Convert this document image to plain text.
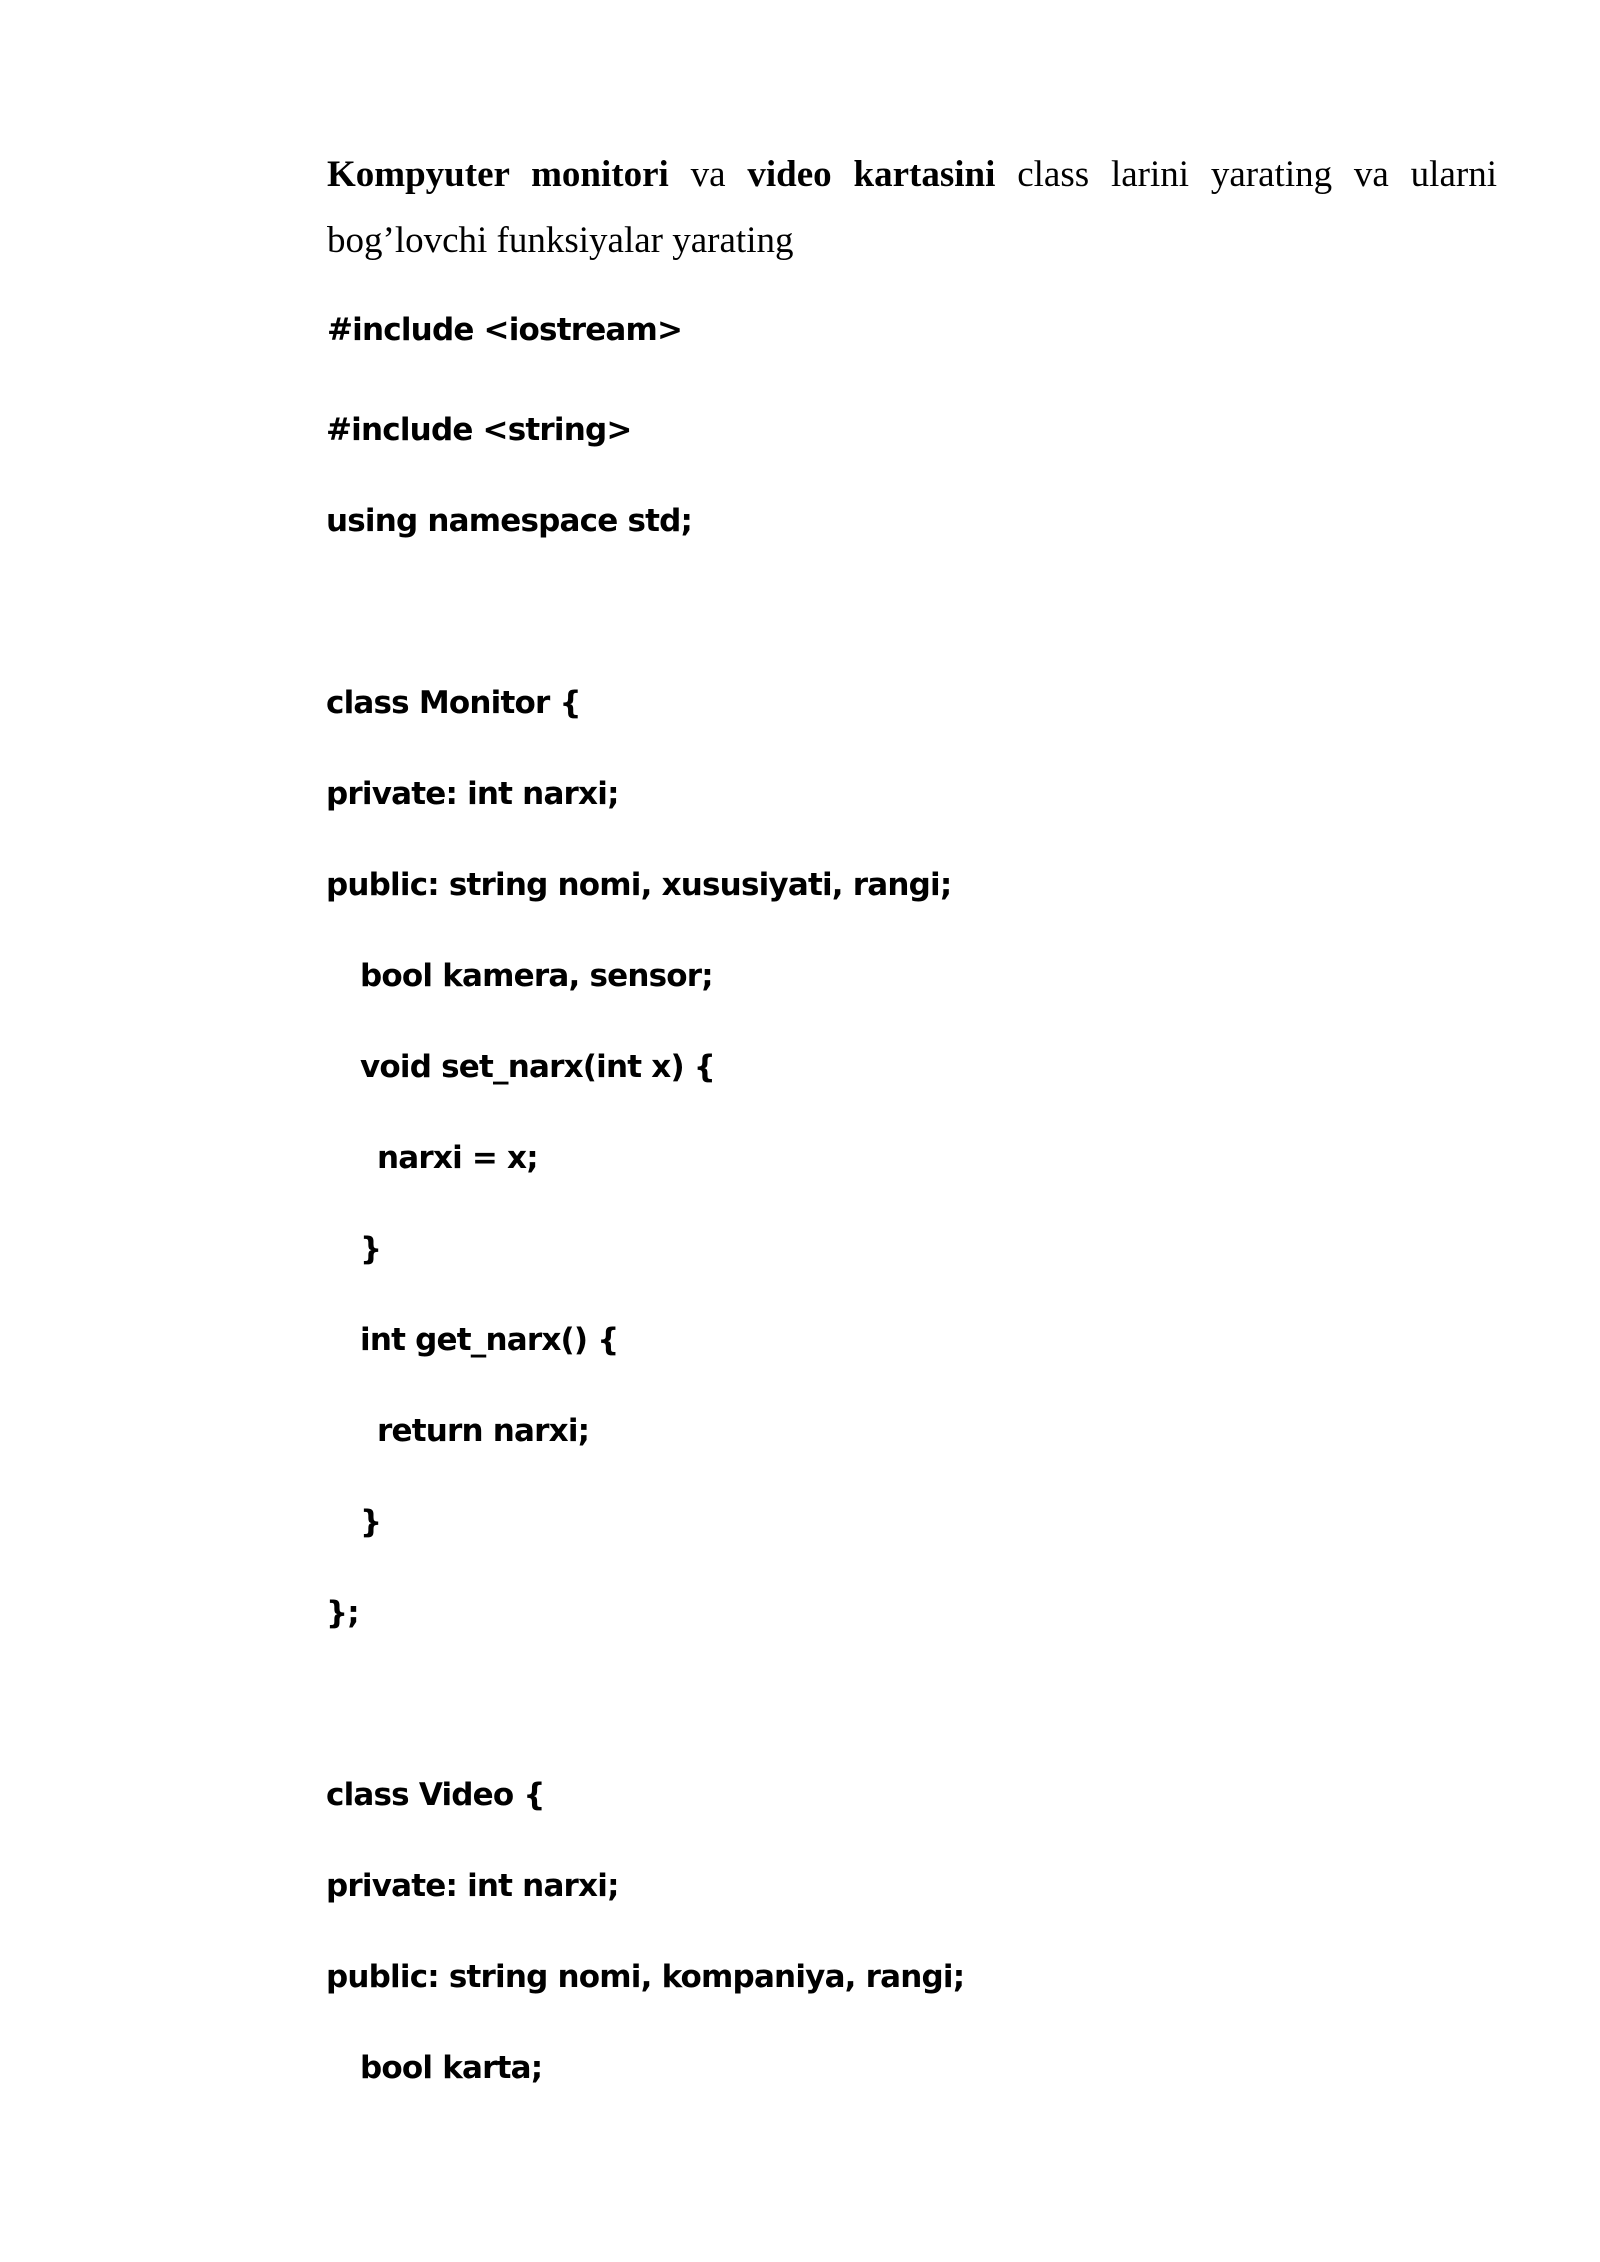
Kompyuter monitori va video kartasini class larini yarating va ularni bog’lovchi funksiyalar yarating

#include <iostream>

#include <string>

using namespace std;

class Monitor {

private: int narxi;

public: string nomi, xususiyati, rangi;

bool kamera, sensor;

void set_narx(int x) {

narxi = x;

}

int get_narx() {

return narxi;

}

};

class Video {

private: int narxi;

public: string nomi, kompaniya, rangi;

bool karta;
